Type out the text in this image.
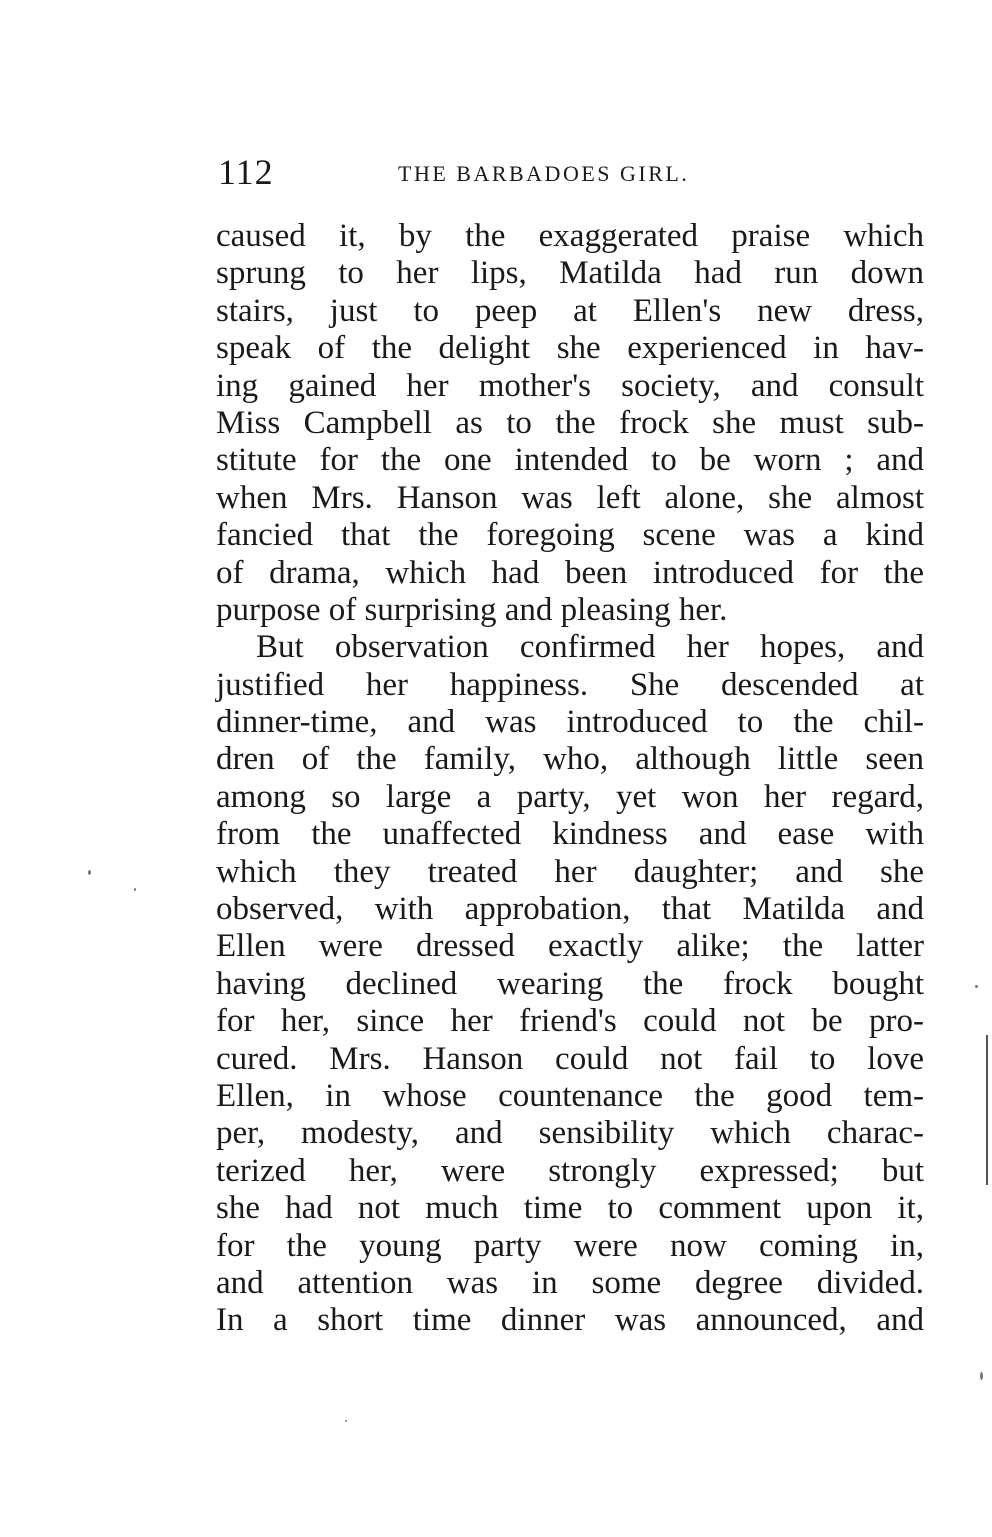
112	THE BARBADOES GIRL.
caused it, by the exaggerated praise which
sprung to her lips, Matilda had run down
stairs, just to peep at Ellen's new dress,
speak of the delight she experienced in hav-
ing gained her mother's society, and consult
Miss Campbell as to the frock she must sub-
stitute for the one intended to be worn ; and
when Mrs. Hanson was left alone, she almost
fancied that the foregoing scene was a kind
of drama, which had been introduced for the
purpose of surprising and pleasing her.
But observation confirmed her hopes, and
justified her happiness. She descended at
dinner-time, and was introduced to the chil-
dren of the family, who, although little seen
among so large a party, yet won her regard,
from the unaffected kindness and ease with
which they treated her daughter; and she
observed, with approbation, that Matilda and
Ellen were dressed exactly alike; the latter
having declined wearing the frock bought
for her, since her friend's could not be pro-
cured. Mrs. Hanson could not fail to love
Ellen, in whose countenance the good tem-
per, modesty, and sensibility which charac-
terized her, were strongly expressed; but
she had not much time to comment upon it,
for the young party were now coming in,
and attention was in some degree divided.
In a short time dinner was announced, and
